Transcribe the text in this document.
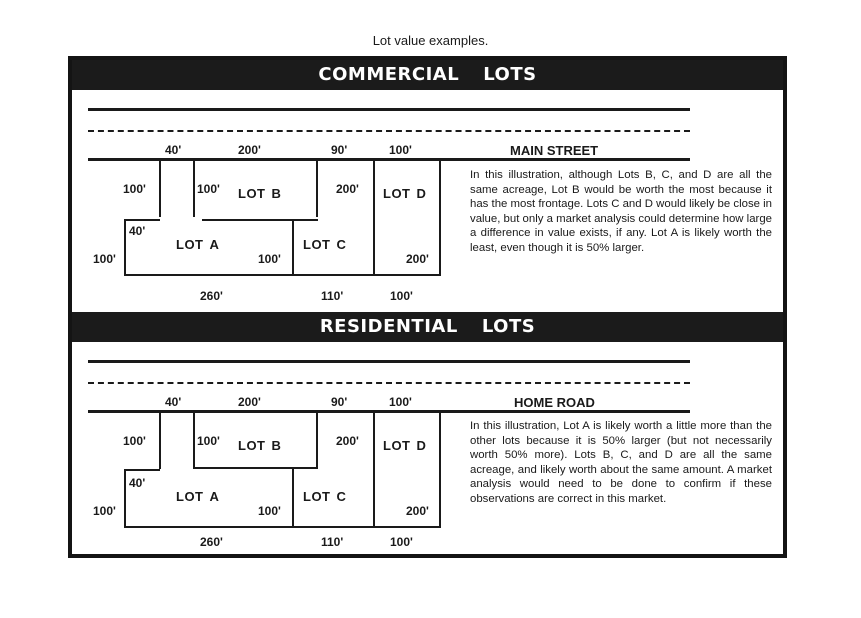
Lot value examples.
COMMERCIAL LOTS
MAIN STREET
40'	200'	90'	100'
100'	100'	200'
40'
100'	100'	200'
LOT B	LOT D
LOT A	LOT C
260'	110'	100'
In this illustration, although Lots B, C, and D are all the same acreage, Lot B would be worth the most because it has the most frontage. Lots C and D would likely be close in value, but only a market analysis could determine how large a difference in value exists, if any. Lot A is likely worth the least, even though it is 50% larger.
RESIDENTIAL LOTS
HOME ROAD
40'	200'	90'	100'
100'	100'	200'
40'
100'	100'	200'
LOT B	LOT D
LOT A	LOT C
260'	110'	100'
In this illustration, Lot A is likely worth a little more than the other lots because it is 50% larger (but not necessarily worth 50% more). Lots B, C, and D are all the same acreage, and likely worth about the same amount. A market analysis would need to be done to confirm if these observations are correct in this market.
